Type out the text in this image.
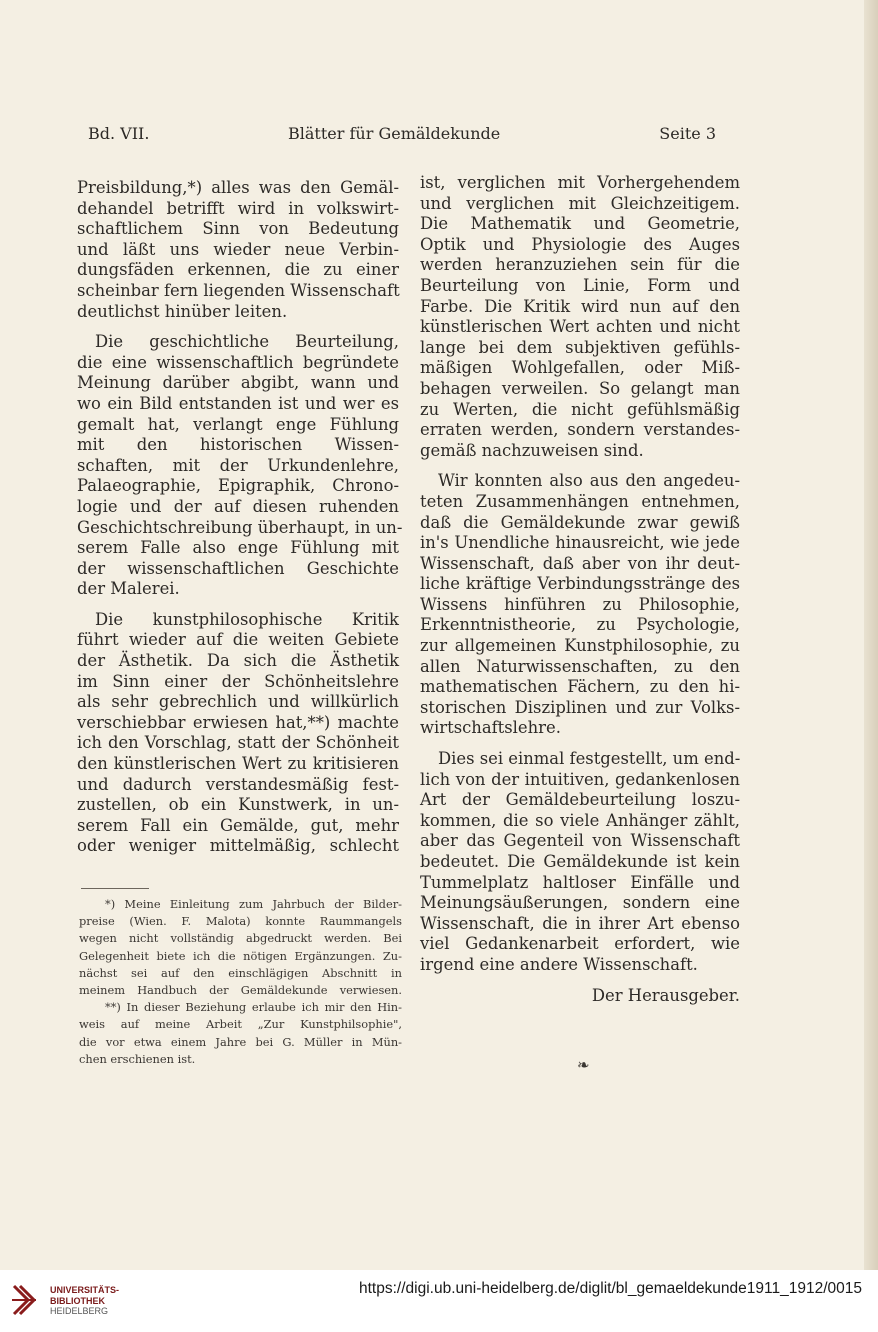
Bd. VII.	Blätter für Gemäldekunde	Seite 3
Preisbildung,*) alles was den Gemäl-
dehandel betrifft wird in volkswirt-
schaftlichem Sinn von Bedeutung
und läßt uns wieder neue Verbin-
dungsfäden erkennen, die zu einer
scheinbar fern liegenden Wissenschaft
deutlichst hinüber leiten.
Die geschichtliche Beurteilung,
die eine wissenschaftlich begründete
Meinung darüber abgibt, wann und
wo ein Bild entstanden ist und wer es
gemalt hat, verlangt enge Fühlung
mit den historischen Wissen-
schaften, mit der Urkundenlehre,
Palaeographie, Epigraphik, Chrono-
logie und der auf diesen ruhenden
Geschichtschreibung überhaupt, in un-
serem Falle also enge Fühlung mit
der wissenschaftlichen Geschichte
der Malerei.
Die kunstphilosophische Kritik
führt wieder auf die weiten Gebiete
der Ästhetik. Da sich die Ästhetik
im Sinn einer der Schönheitslehre
als sehr gebrechlich und willkürlich
verschiebbar erwiesen hat,**) machte
ich den Vorschlag, statt der Schönheit
den künstlerischen Wert zu kritisieren
und dadurch verstandesmäßig fest-
zustellen, ob ein Kunstwerk, in un-
serem Fall ein Gemälde, gut, mehr
oder weniger mittelmäßig, schlecht
*) Meine Einleitung zum Jahrbuch der Bilder-
preise (Wien. F. Malota) konnte Raummangels
wegen nicht vollständig abgedruckt werden. Bei
Gelegenheit biete ich die nötigen Ergänzungen. Zu-
nächst sei auf den einschlägigen Abschnitt in
meinem Handbuch der Gemäldekunde verwiesen.
**) In dieser Beziehung erlaube ich mir den Hin-
weis auf meine Arbeit „Zur Kunstphilsophie",
die vor etwa einem Jahre bei G. Müller in Mün-
chen erschienen ist.
ist, verglichen mit Vorhergehendem
und verglichen mit Gleichzeitigem.
Die Mathematik und Geometrie,
Optik und Physiologie des Auges
werden heranzuziehen sein für die
Beurteilung von Linie, Form und
Farbe. Die Kritik wird nun auf den
künstlerischen Wert achten und nicht
lange bei dem subjektiven gefühls-
mäßigen Wohlgefallen, oder Miß-
behagen verweilen. So gelangt man
zu Werten, die nicht gefühlsmäßig
erraten werden, sondern verstandes-
gemäß nachzuweisen sind.
Wir konnten also aus den angedeu-
teten Zusammenhängen entnehmen,
daß die Gemäldekunde zwar gewiß
in's Unendliche hinausreicht, wie jede
Wissenschaft, daß aber von ihr deut-
liche kräftige Verbindungsstränge des
Wissens hinführen zu Philosophie,
Erkenntnistheorie, zu Psychologie,
zur allgemeinen Kunstphilosophie, zu
allen Naturwissenschaften, zu den
mathematischen Fächern, zu den hi-
storischen Disziplinen und zur Volks-
wirtschaftslehre.
Dies sei einmal festgestellt, um end-
lich von der intuitiven, gedankenlosen
Art der Gemäldebeurteilung loszu-
kommen, die so viele Anhänger zählt,
aber das Gegenteil von Wissenschaft
bedeutet. Die Gemäldekunde ist kein
Tummelplatz haltloser Einfälle und
Meinungsäußerungen, sondern eine
Wissenschaft, die in ihrer Art ebenso
viel Gedankenarbeit erfordert, wie
irgend eine andere Wissenschaft.
Der Herausgeber.
❧
UNIVERSITÄTS-
BIBLIOTHEK
HEIDELBERG
https://digi.ub.uni-heidelberg.de/diglit/bl_gemaeldekunde1911_1912/0015
